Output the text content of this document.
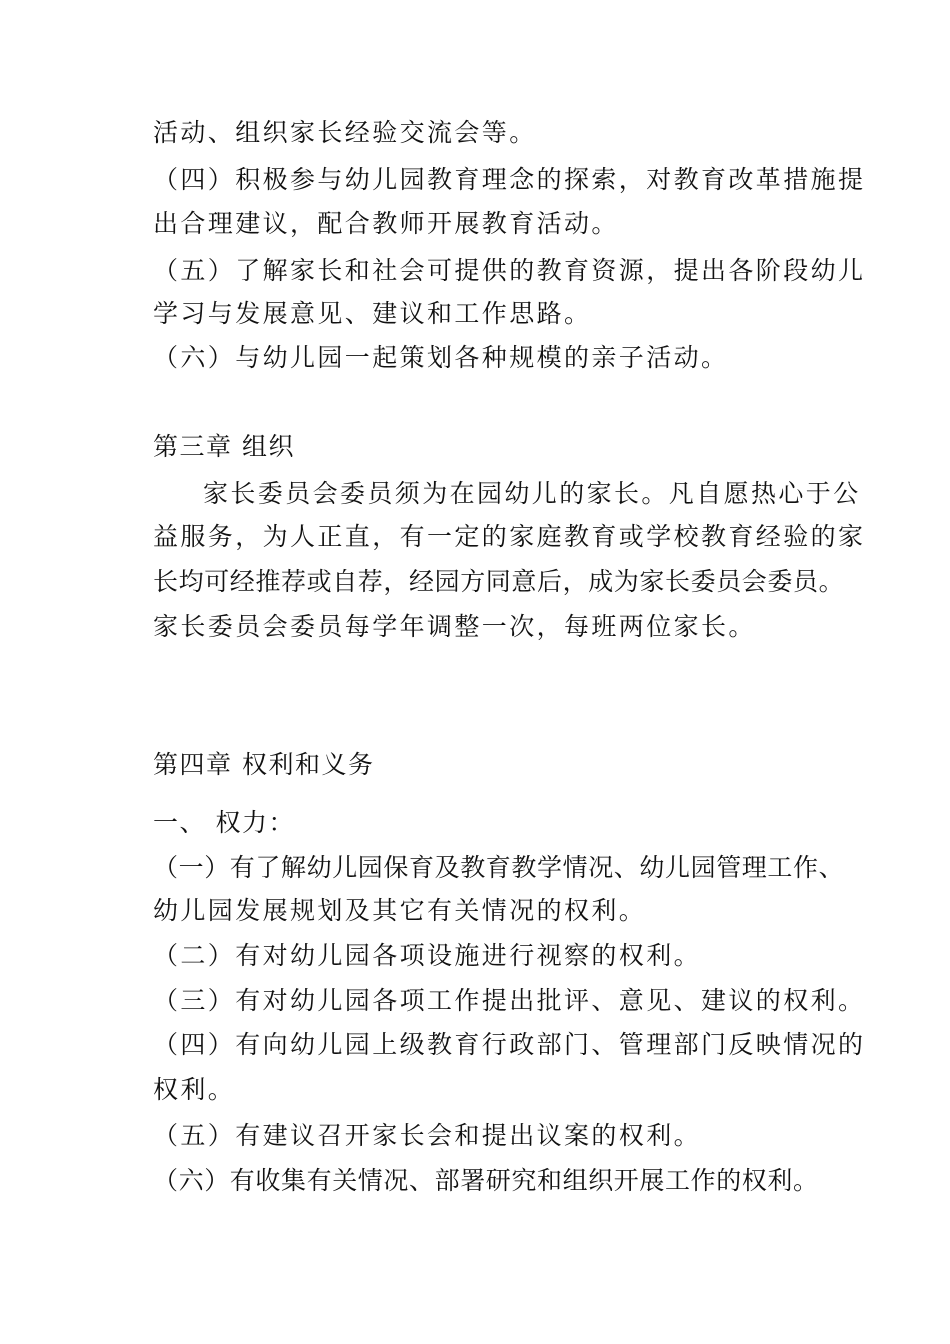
活动、组织家长经验交流会等。
（四）积极参与幼儿园教育理念的探索，对教育改革措施提
出合理建议，配合教师开展教育活动。
（五）了解家长和社会可提供的教育资源，提出各阶段幼儿
学习与发展意见、建议和工作思路。
（六）与幼儿园一起策划各种规模的亲子活动。
第三章 组织
家长委员会委员须为在园幼儿的家长。凡自愿热心于公
益服务，为人正直，有一定的家庭教育或学校教育经验的家
长均可经推荐或自荐，经园方同意后，成为家长委员会委员。
家长委员会委员每学年调整一次，每班两位家长。
第四章 权利和义务
一、 权力：
（一）有了解幼儿园保育及教育教学情况、幼儿园管理工作、
幼儿园发展规划及其它有关情况的权利。
（二）有对幼儿园各项设施进行视察的权利。
（三）有对幼儿园各项工作提出批评、意见、建议的权利。
（四）有向幼儿园上级教育行政部门、管理部门反映情况的
权利。
（五）有建议召开家长会和提出议案的权利。
（六）有收集有关情况、部署研究和组织开展工作的权利。
